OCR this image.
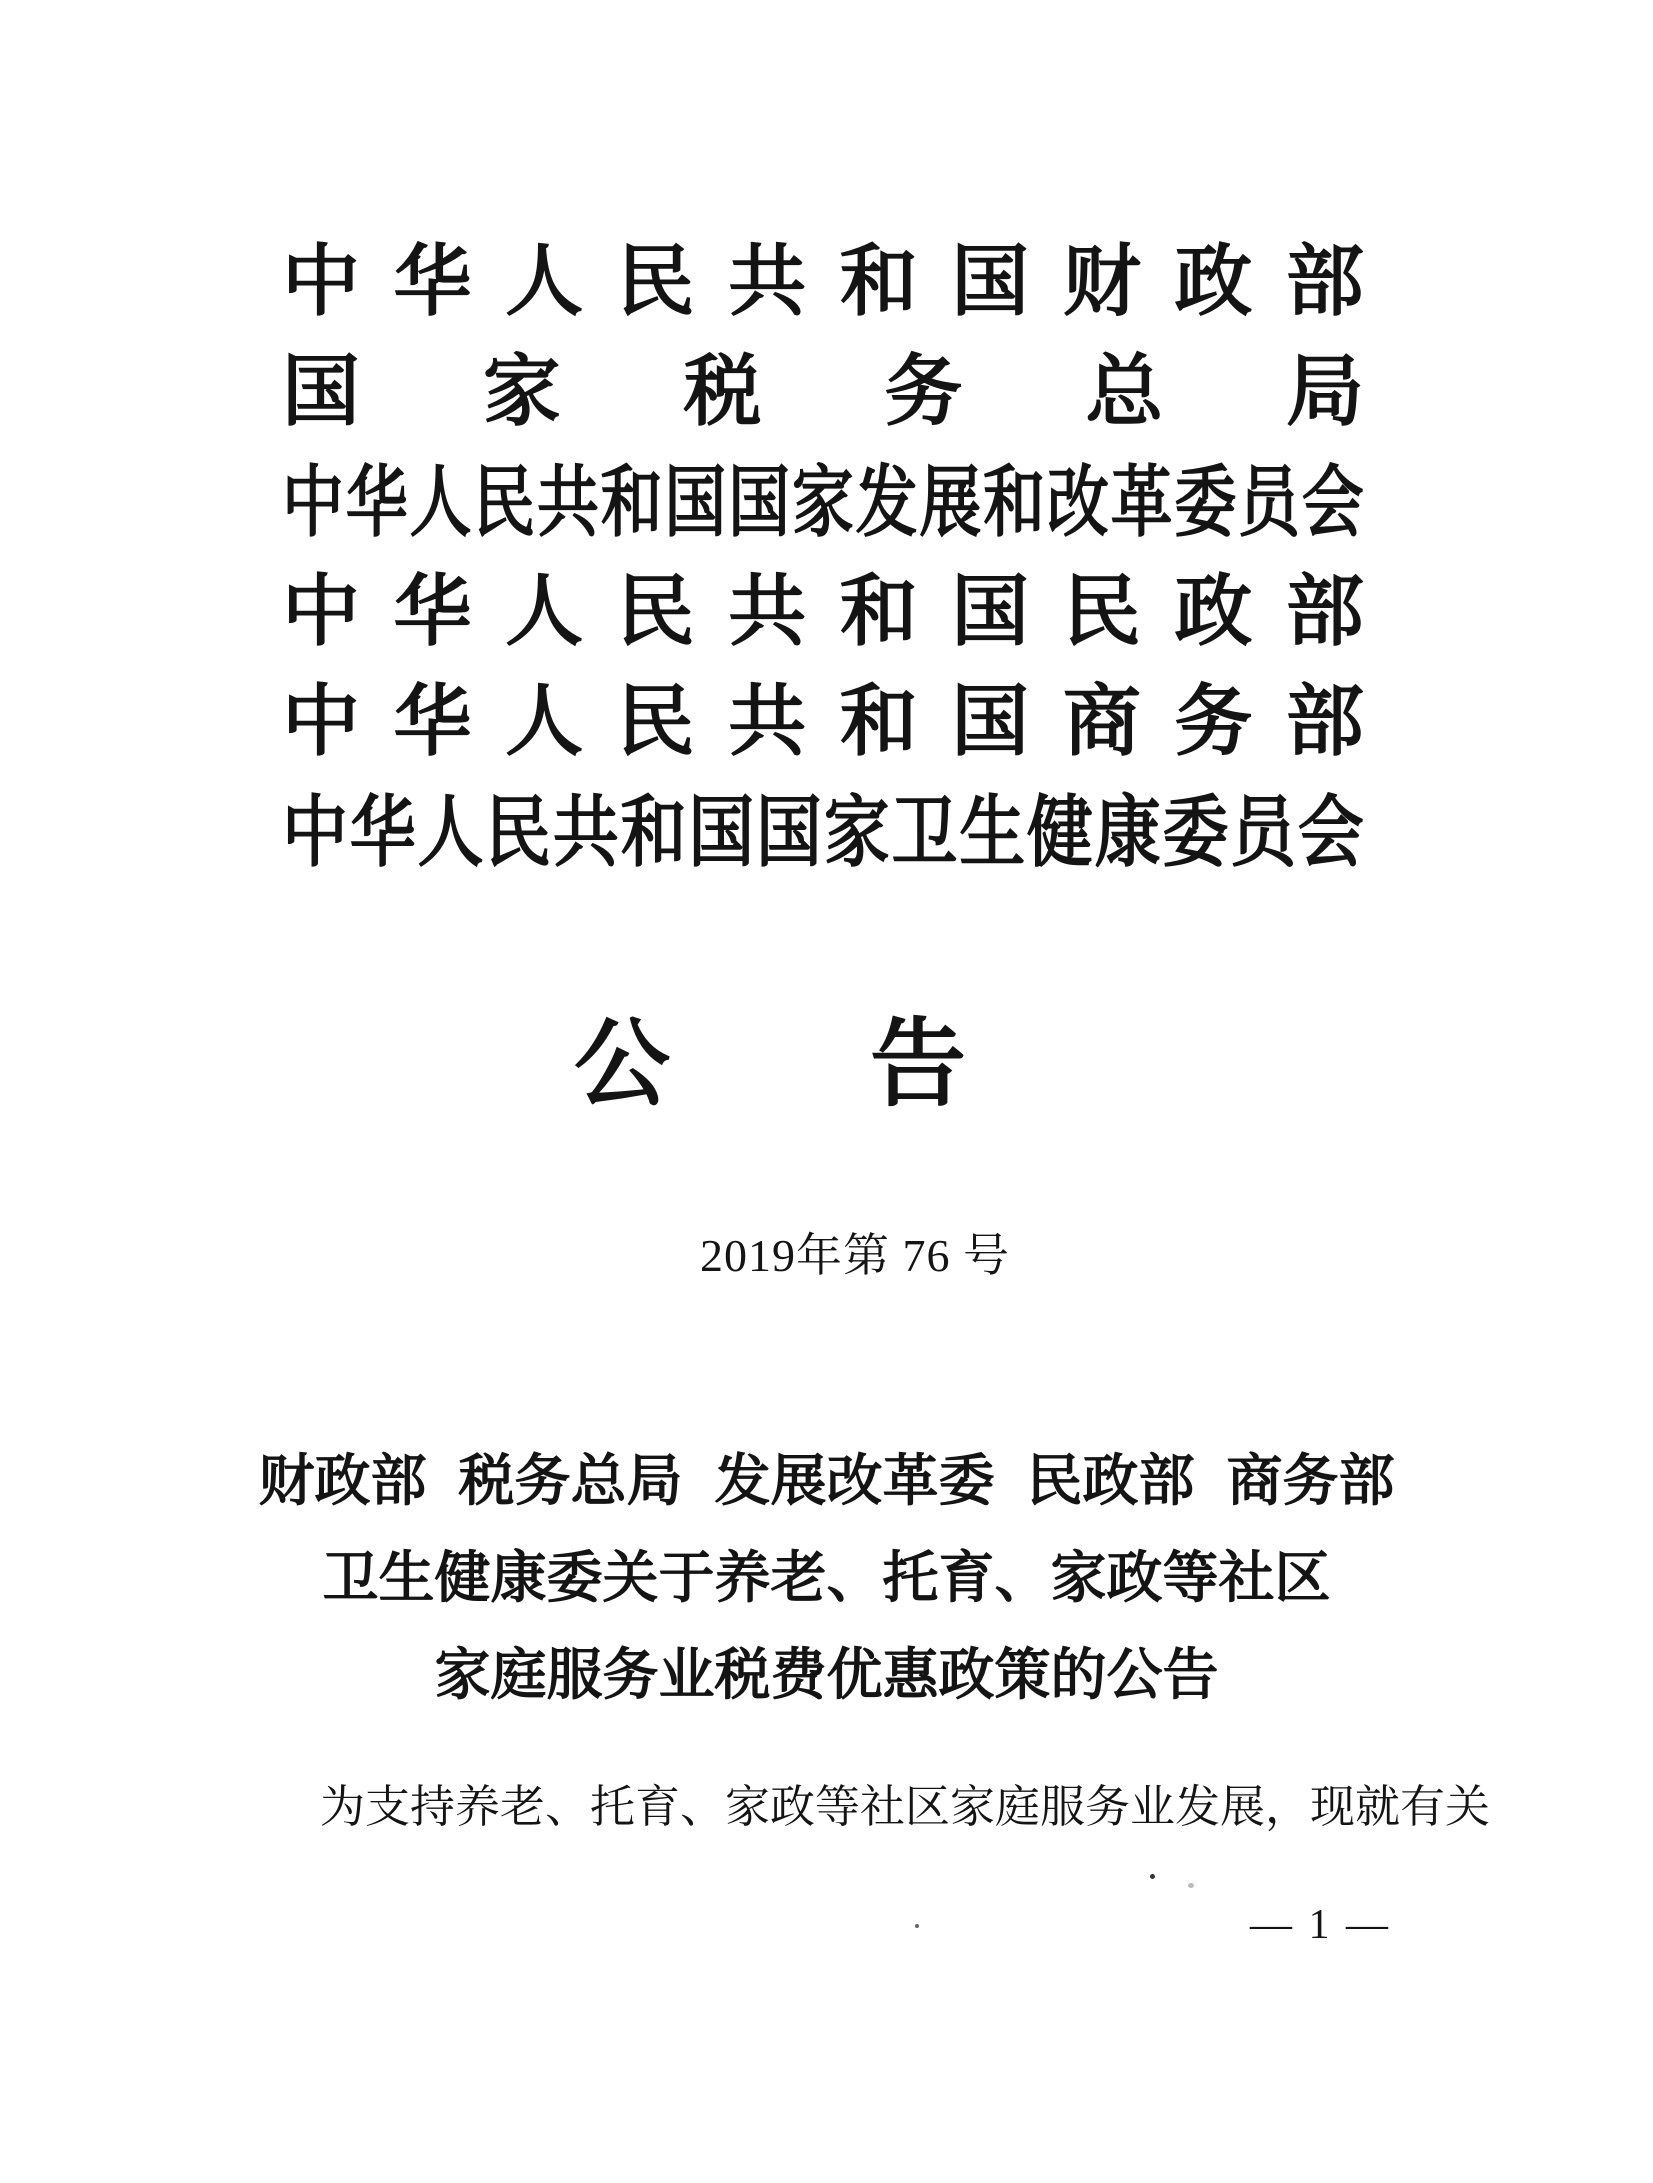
中 华 人 民 共 和 国 财 政 部
国 家 税 务 总 局
中 华 人 民 共 和 国 国 家 发 展 和 改 革 委 员 会
中 华 人 民 共 和 国 民 政 部
中 华 人 民 共 和 国 商 务 部
中 华 人 民 共 和 国 国 家 卫 生 健 康 委 员 会
公 告
2019年第 76 号
财政部 税务总局 发展改革委 民政部 商务部
卫生健康委关于养老、托育、家政等社区
家庭服务业税费优惠政策的公告

为支持养老、托育、家政等社区家庭服务业发展，现就有关

— 1 —
